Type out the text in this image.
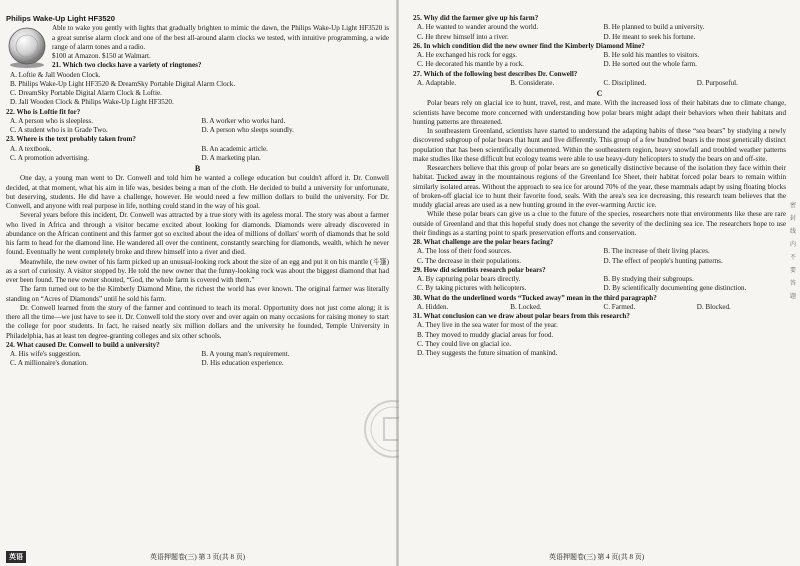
Philips Wake-Up Light HF3520

Able to wake you gently with lights that gradually brighten to mimic the dawn, the Philips Wake-Up Light HF3520 is a great sunrise alarm clock and one of the best all-around alarm clocks we tested, with intuitive programming, a wide range of alarm tones and a radio.

$100 at Amazon. $150 at Walmart.

21. Which two clocks have a variety of ringtones?

A. Loftie & Jall Wooden Clock.
B. Philips Wake-Up Light HF3520 & DreamSky Portable Digital Alarm Clock.
C. DreamSky Portable Digital Alarm Clock & Loftie.
D. Jall Wooden Clock & Philips Wake-Up Light HF3520.

22. Who is Loftie fit for?

A. A person who is sleepless.	B. A worker who works hard.
C. A student who is in Grade Two.	D. A person who sleeps soundly.

23. Where is the text probably taken from?

A. A textbook.	B. An academic article.
C. A promotion advertising.	D. A marketing plan.
B

One day, a young man went to Dr. Conwell and told him he wanted a college education but couldn't afford it. Dr. Conwell decided, at that moment, what his aim in life was, besides being a man of the cloth. He decided to build a university for unfortunate, but deserving, students. He did have a challenge, however. He would need a few million dollars to build the university. For Dr. Conwell, and anyone with real purpose in life, nothing could stand in the way of his goal.

Several years before this incident, Dr. Conwell was attracted by a true story with its ageless moral. The story was about a farmer who lived in Africa and through a visitor became excited about looking for diamonds. Diamonds were already discovered in abundance on the African continent and this farmer got so excited about the idea of millions of dollars' worth of diamonds that he sold his farm to head for the diamond line. He wandered all over the continent, constantly searching for diamonds, wealth, which he never found. Eventually he went completely broke and threw himself into a river and died.

Meanwhile, the new owner of his farm picked up an unusual-looking rock about the size of an egg and put it on his mantle (斗篷) as a sort of curiosity. A visitor stopped by. He told the new owner that the funny-looking rock was about the biggest diamond that had ever been found. The new owner shouted, “God, the whole farm is covered with them.”

The farm turned out to be the Kimberly Diamond Mine, the richest the world has ever known. The original farmer was literally standing on “Acres of Diamonds” until he sold his farm.

Dr. Conwell learned from the story of the farmer and continued to teach its moral. Opportunity does not just come along; it is there all the time—we just have to see it. Dr. Conwell told the story over and over again on many occasions for raising money to start the college for poor students. In fact, he raised nearly six million dollars and the university he founded, Temple University in Philadelphia, has at least ten degree-granting colleges and six other schools.

24. What caused Dr. Conwell to build a university?

A. His wife's suggestion.	B. A young man's requirement.
C. A millionaire's donation.	D. His education experience.
英语	英语押题卷(三) 第 3 页(共 8 页)

25. Why did the farmer give up his farm?

A. He wanted to wander around the world.	B. He planned to build a university.
C. He threw himself into a river.	D. He meant to seek his fortune.

26. In which condition did the new owner find the Kimberly Diamond Mine?

A. He exchanged his rock for eggs.	B. He sold his mantles to visitors.
C. He decorated his mantle by a rock.	D. He sorted out the whole farm.

27. Which of the following best describes Dr. Conwell?

A. Adaptable.	B. Considerate.	C. Disciplined.	D. Purposeful.
C

Polar bears rely on glacial ice to hunt, travel, rest, and mate. With the increased loss of their habitats due to climate change, scientists have become more concerned with understanding how polar bears might adapt their behaviors when their habitats and hunting patterns are threatened.

In southeastern Greenland, scientists have started to understand the adapting habits of these “sea bears” by studying a newly discovered subgroup of polar bears that hunt and live differently. This group of a few hundred bears is the most genetically distinct population that has been scientifically documented. Within the southeastern region, heavy snowfall and troubled weather patterns make studies like these difficult but ecology teams were able to use heavy-duty helicopters to study the bears on and off-site.

Researchers believe that this group of polar bears are so genetically distinctive because of the isolation they face within their habitat. Tucked away in the mountainous regions of the Greenland Ice Sheet, their habitat forced polar bears to remain within similarly isolated areas. Without the approach to sea ice for around 70% of the year, these mammals adapt by using floating blocks of broken-off glacial ice to hunt their favorite food, seals. With the area's sea ice decreasing, this research team believes that the muddy glacial areas are used as a new hunting ground in the ever-warming Arctic ice.

While these polar bears can give us a clue to the future of the species, researchers note that environments like these are rare outside of Greenland and that this hopeful study does not change the severity of the declining sea ice. The researchers hope to use their findings as a starting point to spark preservation efforts and conservation.

28. What challenge are the polar bears facing?

A. The loss of their food sources.	B. The increase of their living places.
C. The decrease in their populations.	D. The effect of people's hunting patterns.

29. How did scientists research polar bears?

A. By capturing polar bears directly.	B. By studying their subgroups.
C. By taking pictures with helicopters.	D. By scientifically documenting gene distinction.

30. What do the underlined words “Tucked away” mean in the third paragraph?

A. Hidden.	B. Locked.	C. Farmed.	D. Blocked.

31. What conclusion can we draw about polar bears from this research?

A. They live in the sea water for most of the year.
B. They moved to muddy glacial areas for food.
C. They could live on glacial ice.
D. They suggests the future situation of mankind.
密
封
线
内
不
要
答
题
英语押题卷(三) 第 4 页(共 8 页)
